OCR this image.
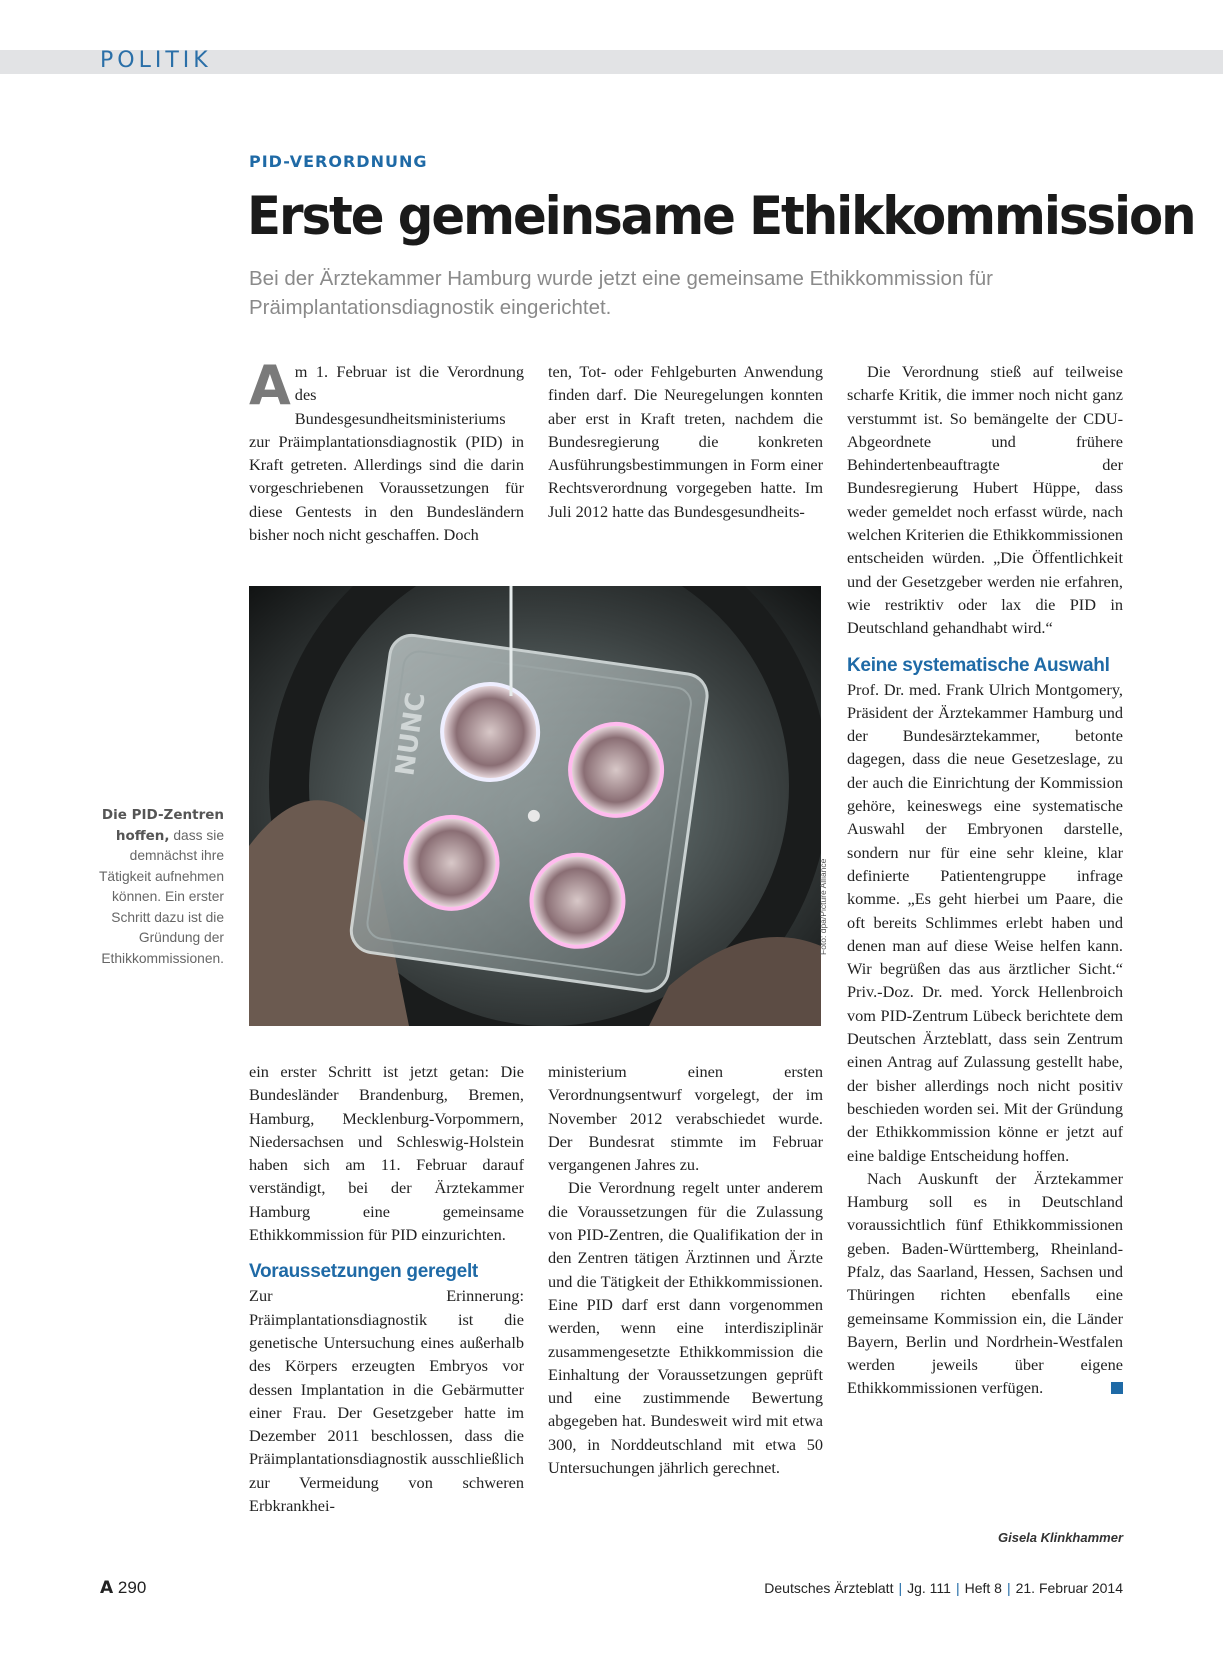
POLITIK
PID-VERORDNUNG
Erste gemeinsame Ethikkommission
Bei der Ärztekammer Hamburg wurde jetzt eine gemeinsame Ethikkommission für Präimplantationsdiagnostik eingerichtet.

Am 1. Februar ist die Verordnung des Bundesgesundheitsministeriums zur Präimplantationsdiagnostik (PID) in Kraft getreten. Allerdings sind die darin vorgeschriebenen Voraussetzungen für diese Gentests in den Bundesländern bisher noch nicht geschaffen. Doch

ten, Tot- oder Fehlgeburten Anwendung finden darf. Die Neuregelungen konnten aber erst in Kraft treten, nachdem die Bundesregierung die konkreten Ausführungsbestimmungen in Form einer Rechtsverordnung vorgegeben hatte. Im Juli 2012 hatte das Bundesgesundheits-

NUNC
Foto: dpa/Picture Alliance
Die PID-Zentren hoffen, dass sie demnächst ihre Tätigkeit aufnehmen können. Ein erster Schritt dazu ist die Gründung der Ethikkommissionen.

ein erster Schritt ist jetzt getan: Die Bundesländer Brandenburg, Bremen, Hamburg, Mecklenburg-Vorpommern, Niedersachsen und Schleswig-Holstein haben sich am 11. Februar darauf verständigt, bei der Ärztekammer Hamburg eine gemeinsame Ethikkommission für PID einzurichten.

Voraussetzungen geregelt

Zur Erinnerung: Präimplantationsdiagnostik ist die genetische Untersuchung eines außerhalb des Körpers erzeugten Embryos vor dessen Implantation in die Gebärmutter einer Frau. Der Gesetzgeber hatte im Dezember 2011 beschlossen, dass die Präimplantationsdiagnostik ausschließlich zur Vermeidung von schweren Erbkrankhei-

ministerium einen ersten Verordnungsentwurf vorgelegt, der im November 2012 verabschiedet wurde. Der Bundesrat stimmte im Februar vergangenen Jahres zu.

Die Verordnung regelt unter anderem die Voraussetzungen für die Zulassung von PID-Zentren, die Qualifikation der in den Zentren tätigen Ärztinnen und Ärzte und die Tätigkeit der Ethikkommissionen. Eine PID darf erst dann vorgenommen werden, wenn eine interdisziplinär zusammengesetzte Ethikkommission die Einhaltung der Voraussetzungen geprüft und eine zustimmende Bewertung abgegeben hat. Bundesweit wird mit etwa 300, in Norddeutschland mit etwa 50 Untersuchungen jährlich gerechnet.

Die Verordnung stieß auf teilweise scharfe Kritik, die immer noch nicht ganz verstummt ist. So bemängelte der CDU-Abgeordnete und frühere Behindertenbeauftragte der Bundesregierung Hubert Hüppe, dass weder gemeldet noch erfasst würde, nach welchen Kriterien die Ethikkommissionen entscheiden würden. „Die Öffentlichkeit und der Gesetzgeber werden nie erfahren, wie restriktiv oder lax die PID in Deutschland gehandhabt wird.“

Keine systematische Auswahl

Prof. Dr. med. Frank Ulrich Montgomery, Präsident der Ärztekammer Hamburg und der Bundesärztekammer, betonte dagegen, dass die neue Gesetzeslage, zu der auch die Einrichtung der Kommission gehöre, keineswegs eine systematische Auswahl der Embryonen darstelle, sondern nur für eine sehr kleine, klar definierte Patientengruppe infrage komme. „Es geht hierbei um Paare, die oft bereits Schlimmes erlebt haben und denen man auf diese Weise helfen kann. Wir begrüßen das aus ärztlicher Sicht.“ Priv.-Doz. Dr. med. Yorck Hellenbroich vom PID-Zentrum Lübeck berichtete dem Deutschen Ärzteblatt, dass sein Zentrum einen Antrag auf Zulassung gestellt habe, der bisher allerdings noch nicht positiv beschieden worden sei. Mit der Gründung der Ethikkommission könne er jetzt auf eine baldige Entscheidung hoffen.

Nach Auskunft der Ärztekammer Hamburg soll es in Deutschland voraussichtlich fünf Ethikkommissionen geben. Baden-Württemberg, Rheinland-Pfalz, das Saarland, Hessen, Sachsen und Thüringen richten ebenfalls eine gemeinsame Kommission ein, die Länder Bayern, Berlin und Nordrhein-Westfalen werden jeweils über eigene Ethikkommissionen verfügen.

Gisela Klinkhammer
A 290	Deutsches Ärzteblatt | Jg. 111 | Heft 8 | 21. Februar 2014
